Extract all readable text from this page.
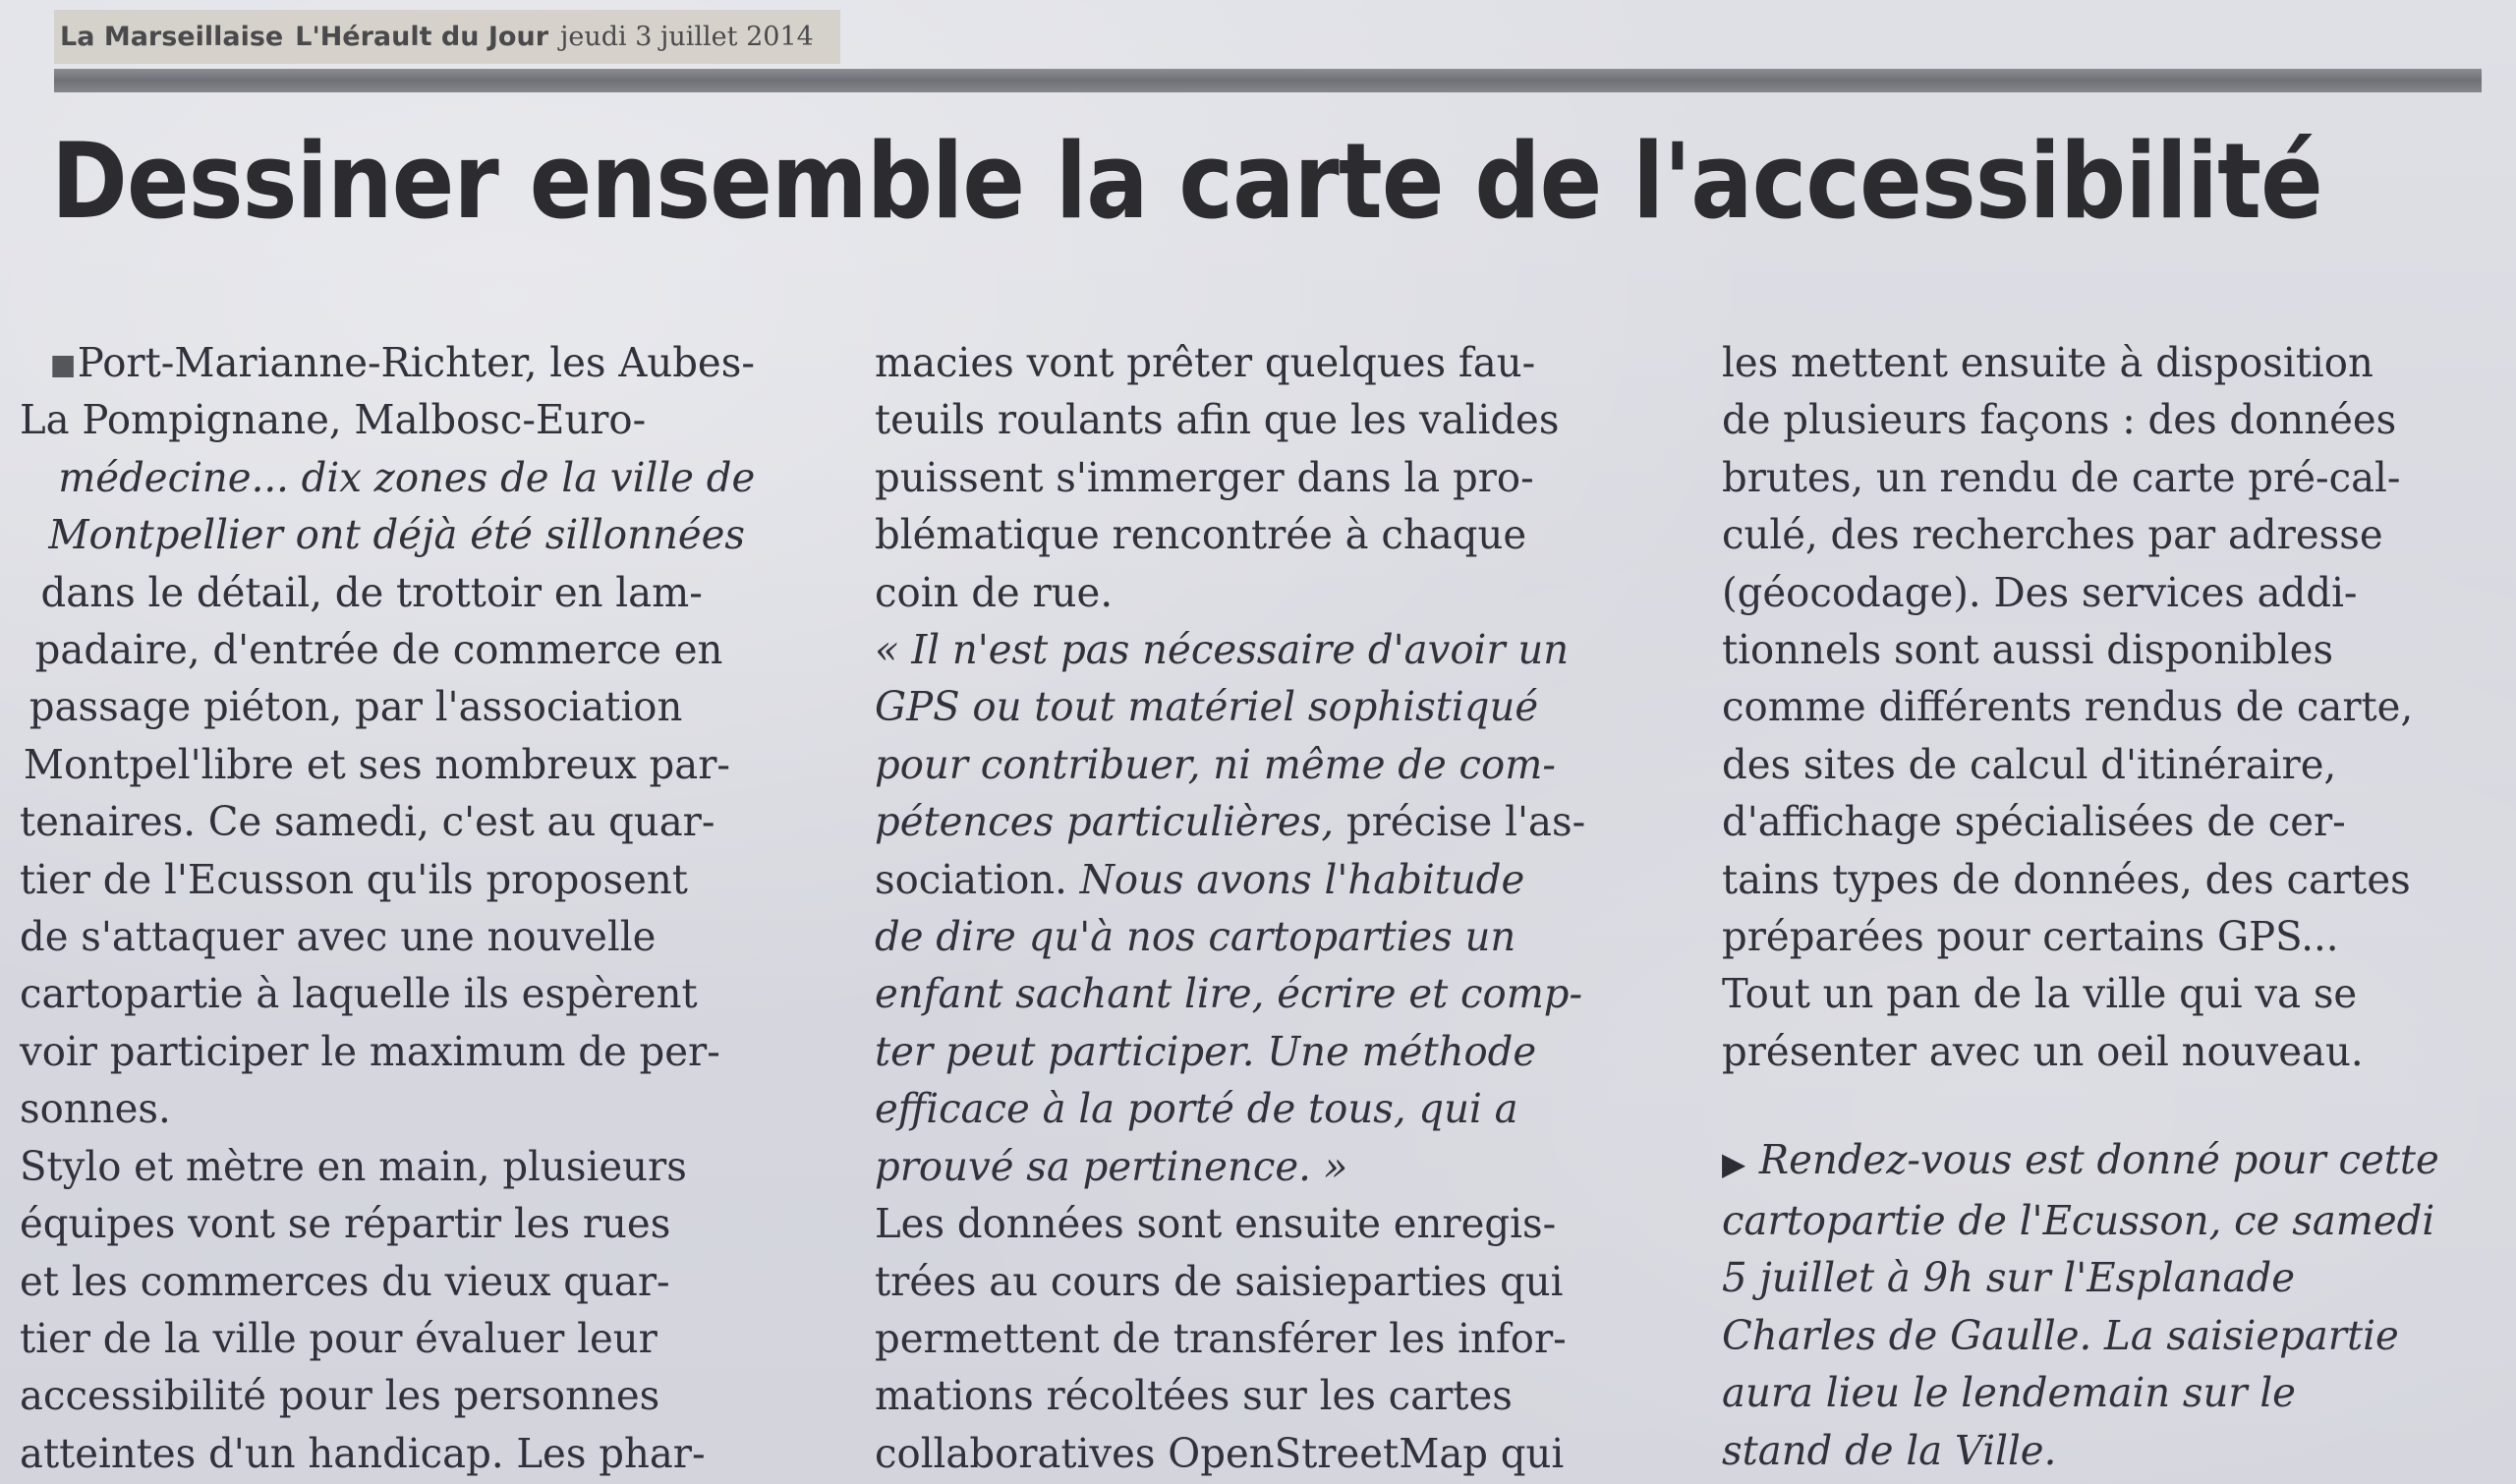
La Marseillaise L'Hérault du Jour jeudi 3 juillet 2014
Dessiner ensemble la carte de l'accessibilité
Port-Marianne-Richter, les Aubes-
La Pompignane, Malbosc-Euro-
médecine... dix zones de la ville de
Montpellier ont déjà été sillonnées
dans le détail, de trottoir en lam-
padaire, d'entrée de commerce en
passage piéton, par l'association
Montpel'libre et ses nombreux par-
tenaires. Ce samedi, c'est au quar-
tier de l'Ecusson qu'ils proposent
de s'attaquer avec une nouvelle
cartopartie à laquelle ils espèrent
voir participer le maximum de per-
sonnes.
Stylo et mètre en main, plusieurs
équipes vont se répartir les rues
et les commerces du vieux quar-
tier de la ville pour évaluer leur
accessibilité pour les personnes
atteintes d'un handicap. Les phar-
macies vont prêter quelques fau-
teuils roulants afin que les valides
puissent s'immerger dans la pro-
blématique rencontrée à chaque
coin de rue.
« Il n'est pas nécessaire d'avoir un
GPS ou tout matériel sophistiqué
pour contribuer, ni même de com-
pétences particulières, précise l'as-
sociation. Nous avons l'habitude
de dire qu'à nos cartoparties un
enfant sachant lire, écrire et comp-
ter peut participer. Une méthode
efficace à la porté de tous, qui a
prouvé sa pertinence. »
Les données sont ensuite enregis-
trées au cours de saisieparties qui
permettent de transférer les infor-
mations récoltées sur les cartes
collaboratives OpenStreetMap qui
les mettent ensuite à disposition
de plusieurs façons : des données
brutes, un rendu de carte pré-cal-
culé, des recherches par adresse
(géocodage). Des services addi-
tionnels sont aussi disponibles
comme différents rendus de carte,
des sites de calcul d'itinéraire,
d'affichage spécialisées de cer-
tains types de données, des cartes
préparées pour certains GPS...
Tout un pan de la ville qui va se
présenter avec un oeil nouveau.
▶ Rendez-vous est donné pour cette
cartopartie de l'Ecusson, ce samedi
5 juillet à 9h sur l'Esplanade
Charles de Gaulle. La saisiepartie
aura lieu le lendemain sur le
stand de la Ville.
